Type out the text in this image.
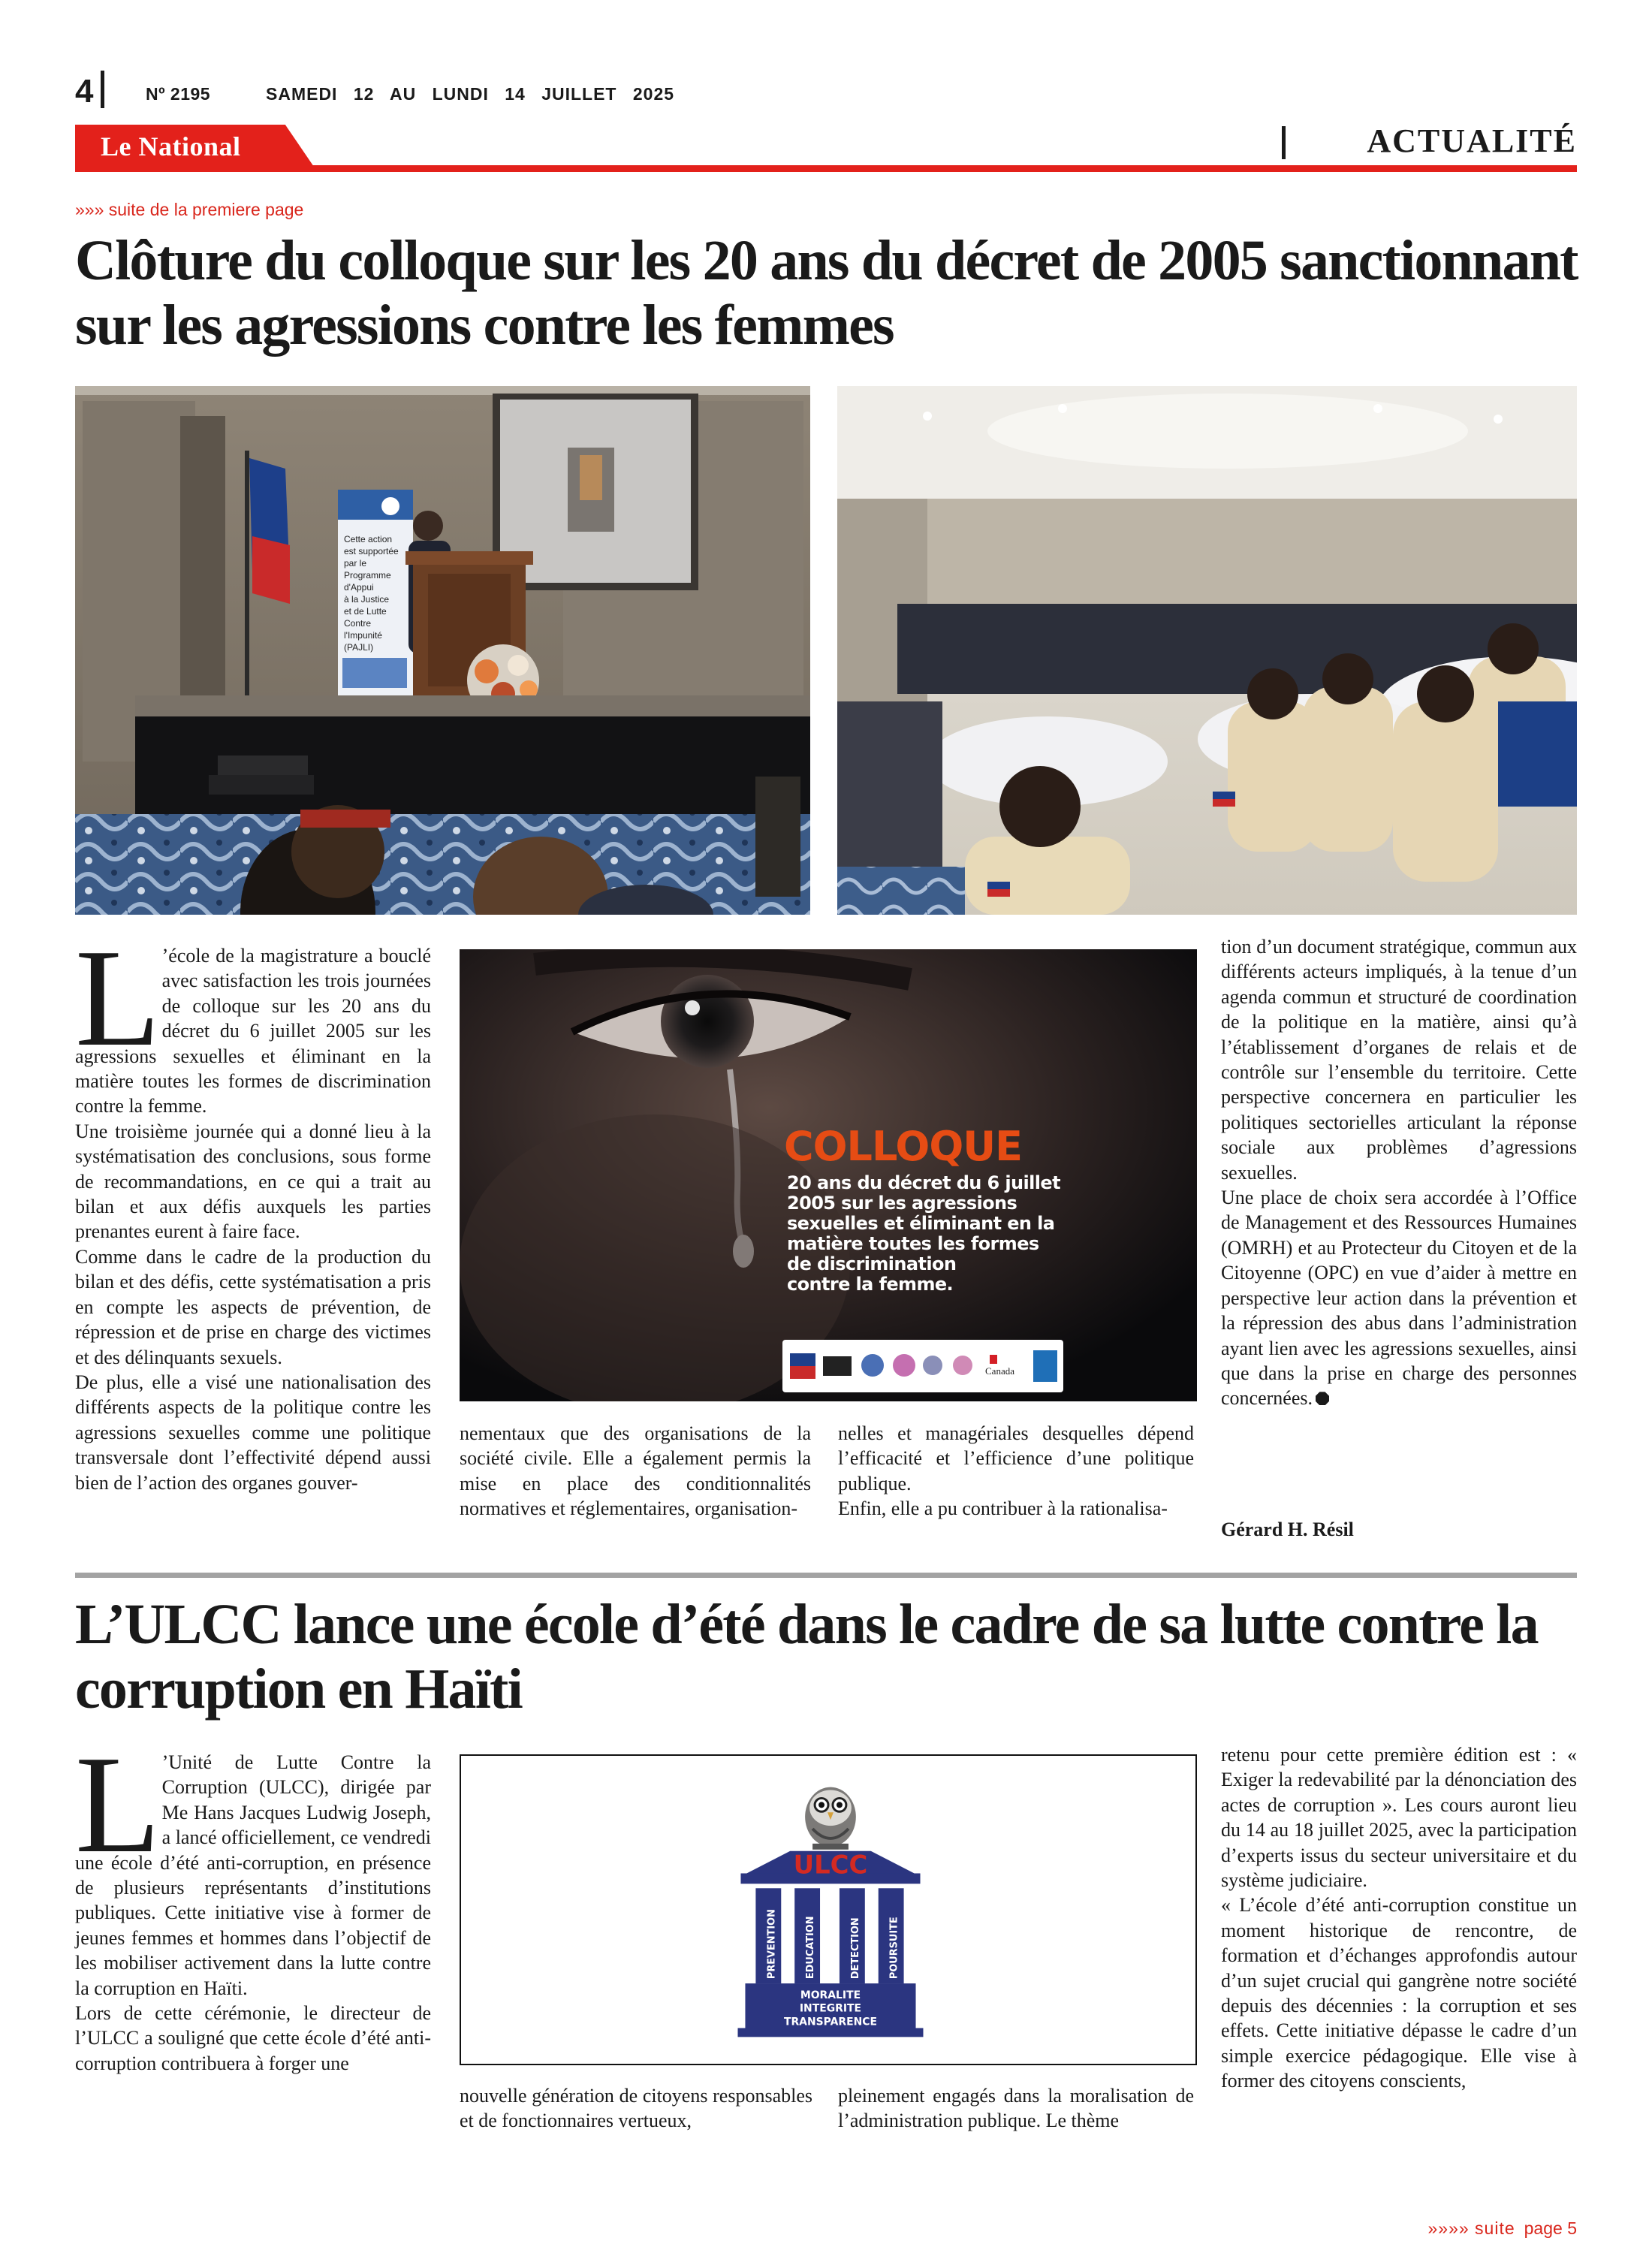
4	Nº 2195	SAMEDI 12 AU LUNDI 14 JUILLET 2025
Le National	ACTUALITÉ
»»» suite de la premiere page
Clôture du colloque sur les 20 ans du décret de 2005 sanctionnant sur les agressions contre les femmes
Cette action
est supportée
par le
Programme
d'Appui
à la Justice
et de Lutte
Contre
l'Impunité
(PAJLI)
L ’école de la magistrature a bouclé avec satisfaction les trois journées de colloque sur les 20 ans du décret du 6 juillet 2005 sur les agressions sexuelles et éliminant en la matière toutes les formes de discrimination contre la femme.

Une troisième journée qui a donné lieu à la systématisation des conclusions, sous forme de recommandations, en ce qui a trait au bilan et aux défis auxquels les parties prenantes eurent à faire face.

Comme dans le cadre de la production du bilan et des défis, cette systématisation a pris en compte les aspects de prévention, de répression et de prise en charge des victimes et des délinquants sexuels.

De plus, elle a visé une nationalisation des différents aspects de la politique contre les agressions sexuelles comme une politique transversale dont l’effectivité dépend aussi bien de l’action des organes gouver-

COLLOQUE
20 ans du décret du 6 juillet
2005 sur les agressions
sexuelles et éliminant en la
matière toutes les formes
de discrimination
contre la femme.
Canada

nementaux que des organisations de la société civile. Elle a également permis la mise en place des conditionnalités normatives et réglementaires, organisation-

nelles et managériales desquelles dépend l’efficacité et l’efficience d’une politique publique.

Enfin, elle a pu contribuer à la rationalisa-

tion d’un document stratégique, commun aux différents acteurs impliqués, à la tenue d’un agenda commun et structuré de coordination de la politique en la matière, ainsi qu’à l’établissement d’organes de relais et de contrôle sur l’ensemble du territoire. Cette perspective concernera en particulier les politiques sectorielles articulant la réponse sociale aux problèmes d’agressions sexuelles.

Une place de choix sera accordée à l’Office de Management et des Ressources Humaines (OMRH) et au Protecteur du Citoyen et de la Citoyenne (OPC) en vue d’aider à mettre en perspective leur action dans la prévention et la répression des abus dans l’administration ayant lien avec les agressions sexuelles, ainsi que dans la prise en charge des personnes concernées.

Gérard H. Résil
L’ULCC lance une école d’été dans le cadre de sa lutte contre la corruption en Haïti
L ’Unité de Lutte Contre la Corruption (ULCC), dirigée par Me Hans Jacques Ludwig Joseph, a lancé officiellement, ce vendredi une école d’été anti-corruption, en présence de plusieurs représentants d’institutions publiques. Cette initiative vise à former de jeunes femmes et hommes dans l’objectif de les mobiliser activement dans la lutte contre la corruption en Haïti.

Lors de cette cérémonie, le directeur de l’ULCC a souligné que cette école d’été anti-corruption contribuera à forger une

ULCC
PREVENTION	EDUCATION	DETECTION	POURSUITE
MORALITE
INTEGRITE
TRANSPARENCE

nouvelle génération de citoyens responsables et de fonctionnaires vertueux,

pleinement engagés dans la moralisation de l’administration publique. Le thème

retenu pour cette première édition est : « Exiger la redevabilité par la dénonciation des actes de corruption ». Les cours auront lieu du 14 au 18 juillet 2025, avec la participation d’experts issus du secteur universitaire et du système judiciaire.

« L’école d’été anti-corruption constitue un moment historique de rencontre, de formation et d’échanges approfondis autour d’un sujet crucial qui gangrène notre société depuis des décennies : la corruption et ses effets. Cette initiative dépasse le cadre d’un simple exercice pédagogique. Elle vise à former des citoyens conscients,

»»»» suite page 5
